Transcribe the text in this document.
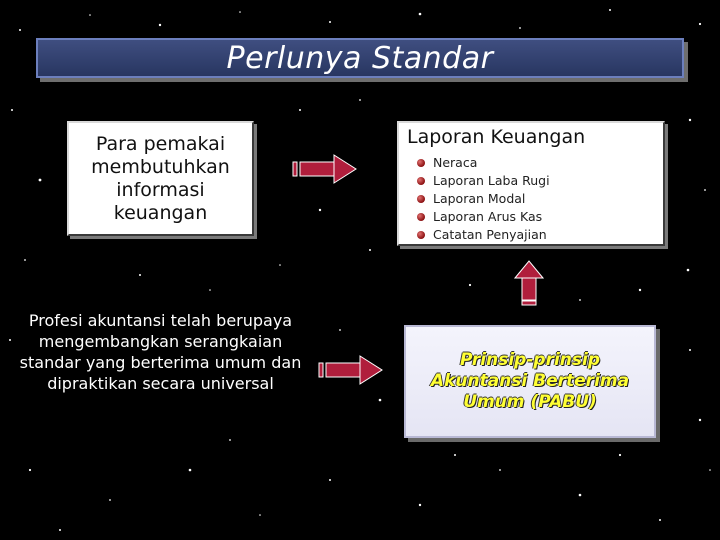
Perlunya Standar
Para pemakai membutuhkan informasi keuangan
Laporan Keuangan
Neraca
Laporan Laba Rugi
Laporan Modal
Laporan Arus Kas
Catatan Penyajian
Profesi akuntansi telah berupaya mengembangkan serangkaian standar yang berterima umum dan dipraktikan secara universal
Prinsip-prinsip Akuntansi Berterima Umum (PABU)
